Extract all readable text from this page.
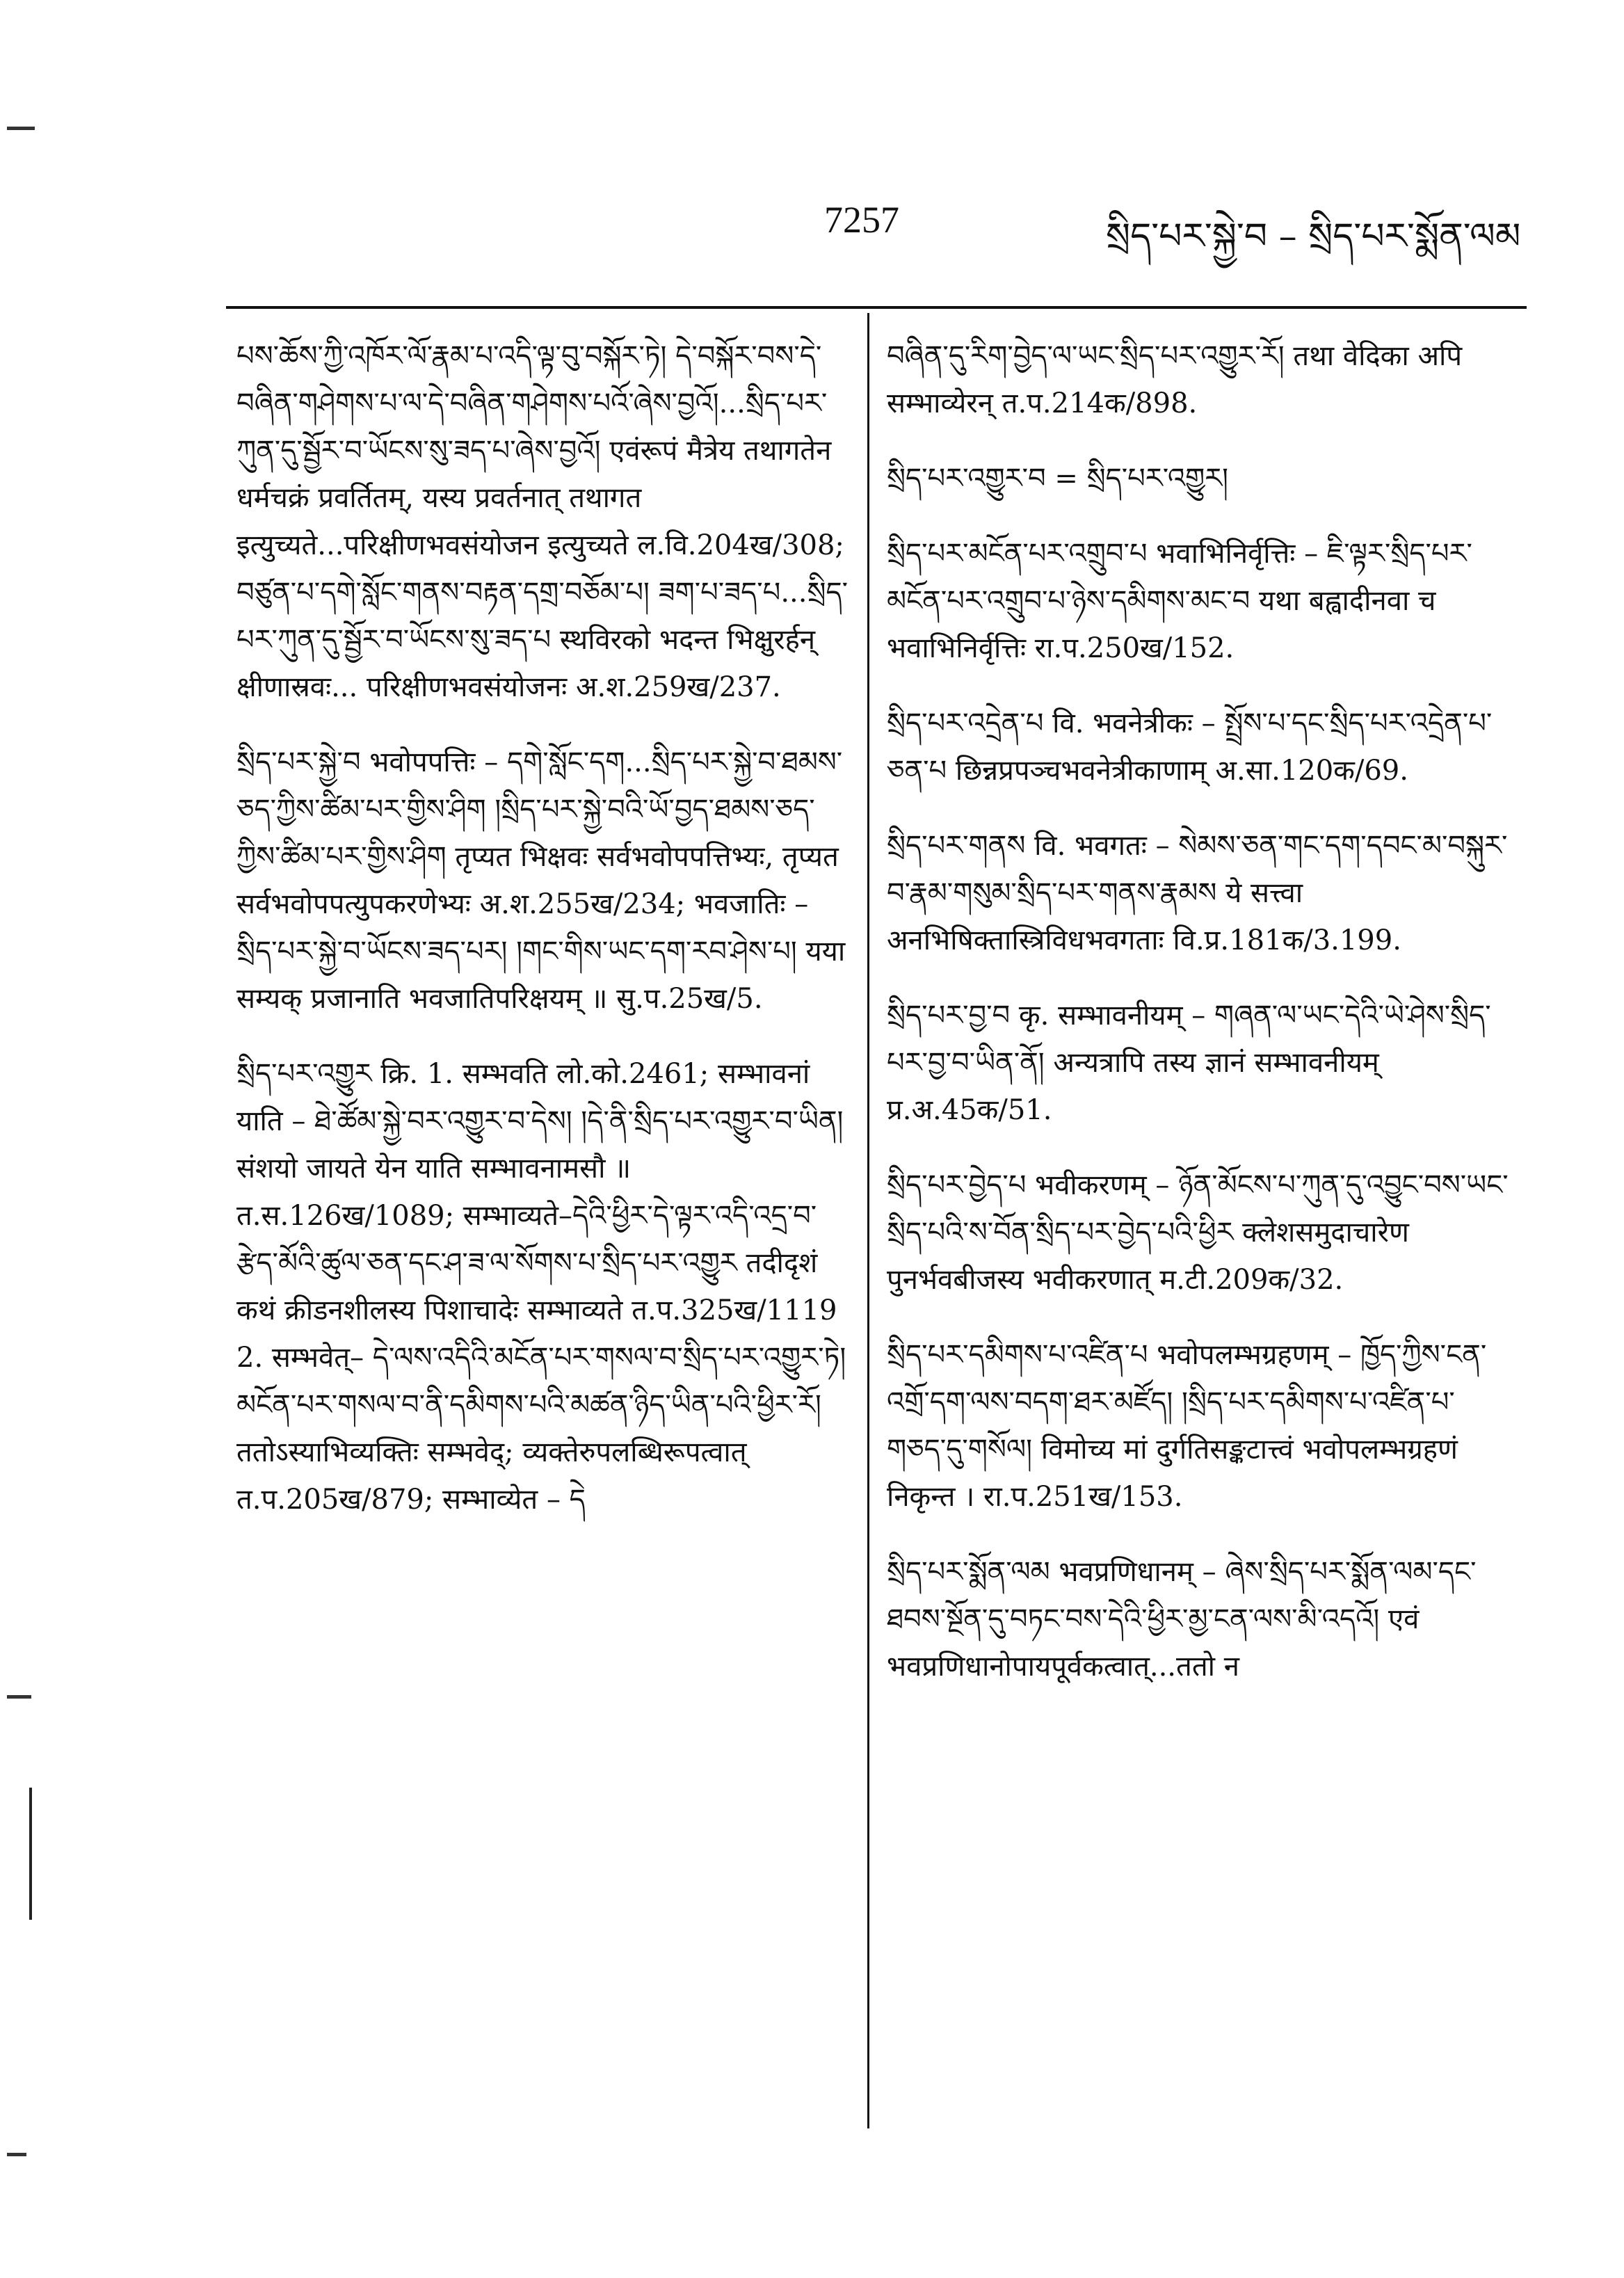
7257	སྲིད་པར་སྐྱེ་བ – སྲིད་པར་སྨོན་ལམ

པས་ཆོས་ཀྱི་འཁོར་ལོ་རྣམ་པ་འདི་ལྟ་བུ་བསྐོར་ཏེ། དེ་བསྐོར་བས་དེ་བཞིན་གཤེགས་པ་ལ་དེ་བཞིན་གཤེགས་པའོ་ཞེས་བྱའོ།...སྲིད་པར་ཀུན་དུ་སྦྱོར་བ་ཡོངས་སུ་ཟད་པ་ཞེས་བྱའོ། एवंरूपं मैत्रेय तथागतेन धर्मचक्रं प्रवर्तितम्, यस्य प्रवर्तनात् तथागत इत्युच्यते...परिक्षीणभवसंयोजन इत्युच्यते ल.वि.204ख/308; བཙུན་པ་དགེ་སློང་གནས་བརྟན་དགྲ་བཅོམ་པ། ཟག་པ་ཟད་པ...སྲིད་པར་ཀུན་དུ་སྦྱོར་བ་ཡོངས་སུ་ཟད་པ स्थविरको भदन्त भिक्षुरर्हन् क्षीणास्रवः... परिक्षीणभवसंयोजनः अ.श.259ख/237.

སྲིད་པར་སྐྱེ་བ भवोपपत्तिः – དགེ་སློང་དག...སྲིད་པར་སྐྱེ་བ་ཐམས་ཅད་ཀྱིས་ཚིམ་པར་གྱིས་ཤིག །སྲིད་པར་སྐྱེ་བའི་ཡོ་བྱད་ཐམས་ཅད་ཀྱིས་ཚིམ་པར་གྱིས་ཤིག तृप्यत भिक्षवः सर्वभवोपपत्तिभ्यः, तृप्यत सर्वभवोपपत्युपकरणेभ्यः अ.श.255ख/234; भवजातिः – སྲིད་པར་སྐྱེ་བ་ཡོངས་ཟད་པར། །གང་གིས་ཡང་དག་རབ་ཤེས་པ། यया सम्यक् प्रजानाति भवजातिपरिक्षयम् ॥ सु.प.25ख/5.

སྲིད་པར་འགྱུར क्रि. 1. सम्भवति लो.को.2461; सम्भावनां याति – ཐེ་ཚོམ་སྐྱེ་བར་འགྱུར་བ་དེས། །དེ་ནི་སྲིད་པར་འགྱུར་བ་ཡིན། संशयो जायते येन याति सम्भावनामसौ ॥ त.स.126ख/1089; सम्भाव्यते–དེའི་ཕྱིར་དེ་ལྟར་འདི་འདྲ་བ་རྩེད་མོའི་ཚུལ་ཅན་དང་ཤ་ཟ་ལ་སོགས་པ་སྲིད་པར་འགྱུར तदीदृशं कथं क्रीडनशीलस्य पिशाचादेः सम्भाव्यते त.प.325ख/1119 2. सम्भवेत्– དེ་ལས་འདིའི་མངོན་པར་གསལ་བ་སྲིད་པར་འགྱུར་ཏེ། མངོན་པར་གསལ་བ་ནི་དམིགས་པའི་མཚན་ཉིད་ཡིན་པའི་ཕྱིར་རོ། ततोऽस्याभिव्यक्तिः सम्भवेद्; व्यक्तेरुपलब्धिरूपत्वात् त.प.205ख/879; सम्भाव्येत – དེ

བཞིན་དུ་རིག་བྱེད་ལ་ཡང་སྲིད་པར་འགྱུར་རོ། तथा वेदिका अपि सम्भाव्येरन् त.प.214क/898.

སྲིད་པར་འགྱུར་བ = སྲིད་པར་འགྱུར།

སྲིད་པར་མངོན་པར་འགྲུབ་པ भवाभिनिर्वृत्तिः – ཇི་ལྟར་སྲིད་པར་མངོན་པར་འགྲུབ་པ་ཉེས་དམིགས་མང་བ यथा बह्वादीनवा च भवाभिनिर्वृत्तिः रा.प.250ख/152.

སྲིད་པར་འདྲེན་པ वि. भवनेत्रीकः – སྤྲོས་པ་དང་སྲིད་པར་འདྲེན་པ་ཅན་པ छिन्नप्रपञ्चभवनेत्रीकाणाम् अ.सा.120क/69.

སྲིད་པར་གནས वि. भवगतः – སེམས་ཅན་གང་དག་དབང་མ་བསྐུར་བ་རྣམ་གསུམ་སྲིད་པར་གནས་རྣམས ये सत्त्वा अनभिषिक्तास्त्रिविधभवगताः वि.प्र.181क/3.199.

སྲིད་པར་བྱ་བ कृ. सम्भावनीयम् – གཞན་ལ་ཡང་དེའི་ཡེ་ཤེས་སྲིད་པར་བྱ་བ་ཡིན་ནོ། अन्यत्रापि तस्य ज्ञानं सम्भावनीयम् प्र.अ.45क/51.

སྲིད་པར་བྱེད་པ भवीकरणम् – ཉོན་མོངས་པ་ཀུན་དུ་འབྱུང་བས་ཡང་སྲིད་པའི་ས་བོན་སྲིད་པར་བྱེད་པའི་ཕྱིར क्लेशसमुदाचारेण पुनर्भवबीजस्य भवीकरणात् म.टी.209क/32.

སྲིད་པར་དམིགས་པ་འཛིན་པ भवोपलम्भग्रहणम् – ཁྱོད་ཀྱིས་ངན་འགྲོ་དག་ལས་བདག་ཐར་མཛོད། །སྲིད་པར་དམིགས་པ་འཛིན་པ་གཅད་དུ་གསོལ། विमोच्य मां दुर्गतिसङ्कटात्त्वं भवोपलम्भग्रहणं निकृन्त । रा.प.251ख/153.

སྲིད་པར་སྨོན་ལམ भवप्रणिधानम् – ཞེས་སྲིད་པར་སྨོན་ལམ་དང་ཐབས་སྔོན་དུ་བཏང་བས་དེའི་ཕྱིར་མྱ་ངན་ལས་མི་འདའོ། एवं भवप्रणिधानोपायपूर्वकत्वात्...ततो न
